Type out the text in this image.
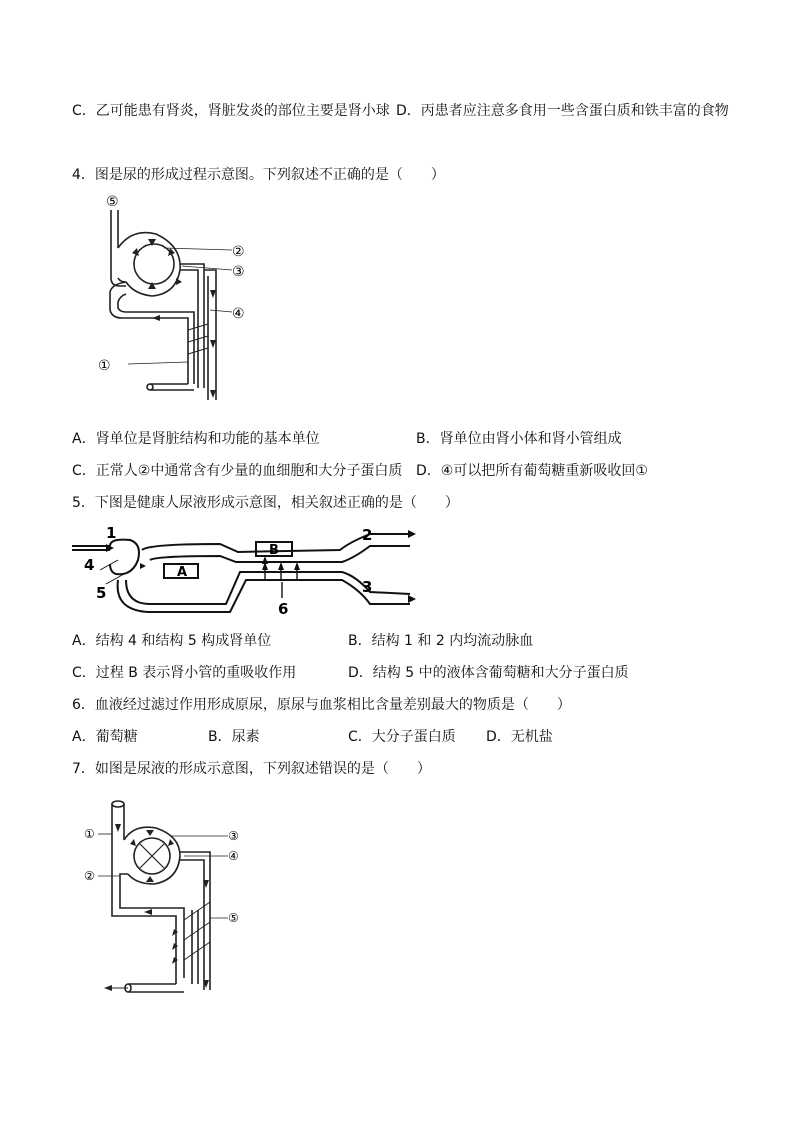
C．乙可能患有肾炎，肾脏发炎的部位主要是肾小球 D．丙患者应注意多食用一些含蛋白质和铁丰富的食物
4．图是尿的形成过程示意图。下列叙述不正确的是（　　）
⑤
②
③
④
①
A．肾单位是肾脏结构和功能的基本单位	B．肾单位由肾小体和肾小管组成
C．正常人②中通常含有少量的血细胞和大分子蛋白质 D．④可以把所有葡萄糖重新吸收回①
5．下图是健康人尿液形成示意图，相关叙述正确的是（　　）
1
4
5
A
B
2
3
6
A．结构 4 和结构 5 构成肾单位	B．结构 1 和 2 内均流动脉血
C．过程 B 表示肾小管的重吸收作用	D．结构 5 中的液体含葡萄糖和大分子蛋白质
6．血液经过滤过作用形成原尿，原尿与血浆相比含量差别最大的物质是（　　）
A．葡萄糖	B．尿素	C．大分子蛋白质 D．无机盐
7．如图是尿液的形成示意图，下列叙述错误的是（　　）
①
②
③
④
⑤
